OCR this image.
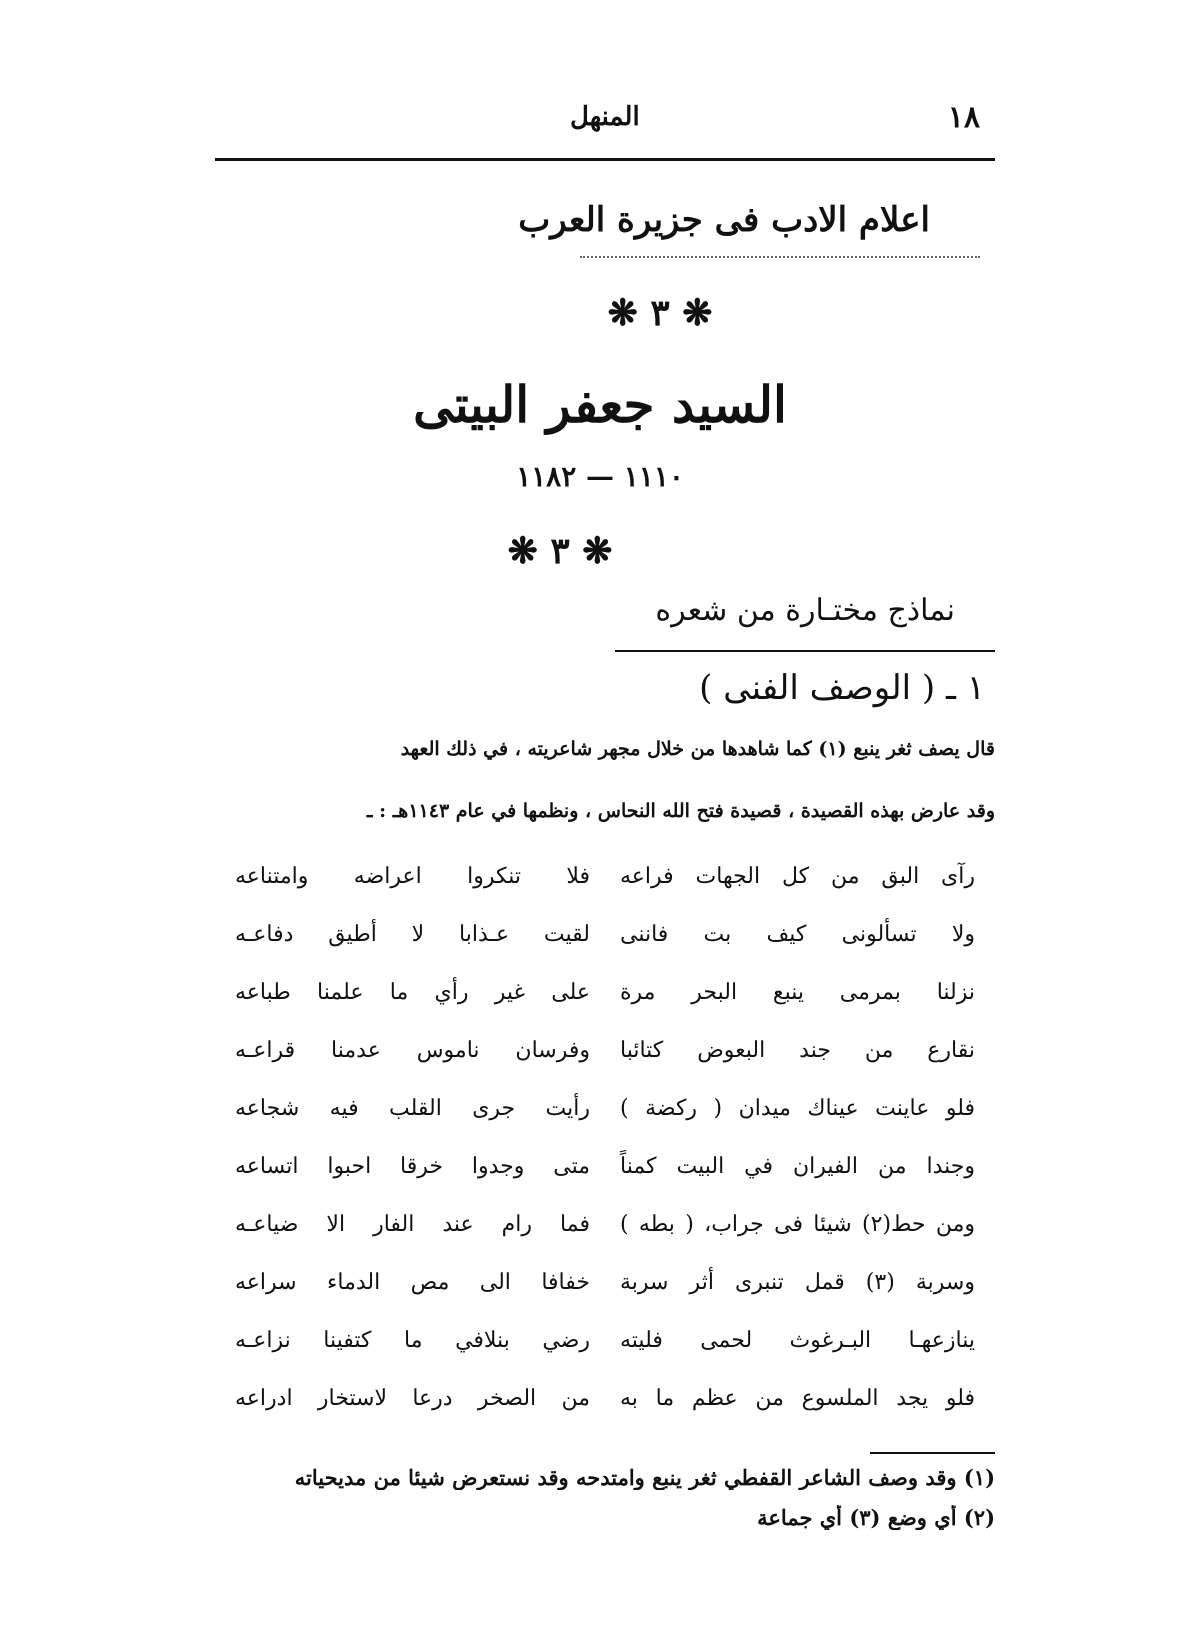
١٨
المنهل
اعلام الادب فى جزيرة العرب
❋ ٣ ❋
السيد جعفر البيتى
١١١٠ — ١١٨٢
❋ ٣ ❋
نماذج مختـارة من شعره
١ ـ ( الوصف الفنى )
قال يصف ثغر ينبع (١) كما شاهدها من خلال مجهر شاعريته ، في ذلك العهد
وقد عارض بهذه القصيدة ، قصيدة فتح الله النحاس ، ونظمها في عام ١١٤٣هـ : ـ
رآى البق من كل الجهات فراعه
فلا تنكروا اعراضه وامتناعه
ولا تسألونى كيف بت فاننى
لقيت عـذابا لا أطيق دفاعـه
نزلنا بمرمى ينبع البحر مرة
على غير رأي ما علمنا طباعه
نقارع من جند البعوض كتائبا
وفرسان ناموس عدمنا قراعـه
فلو عاينت عيناك ميدان ( ركضة )
رأيت جرى القلب فيه شجاعه
وجندا من الفيران في البيت كمناً
متى وجدوا خرقا احبوا اتساعه
ومن حط(٢) شيئا فى جراب، ( بطه )
فما رام عند الفار الا ضياعـه
وسربة (٣) قمل تنبرى أثر سربة
خفافا الى مص الدماء سراعه
ينازعهـا البـرغوث لحمى فليته
رضي بنلافي ما كتفينا نزاعـه
فلو يجد الملسوع من عظم ما به
من الصخر درعا لاستخار ادراعه
(١) وقد وصف الشاعر القفطي ثغر ينبع وامتدحه وقد نستعرض شيئا من مديحياته
(٢) أي وضع (٣) أي جماعة
